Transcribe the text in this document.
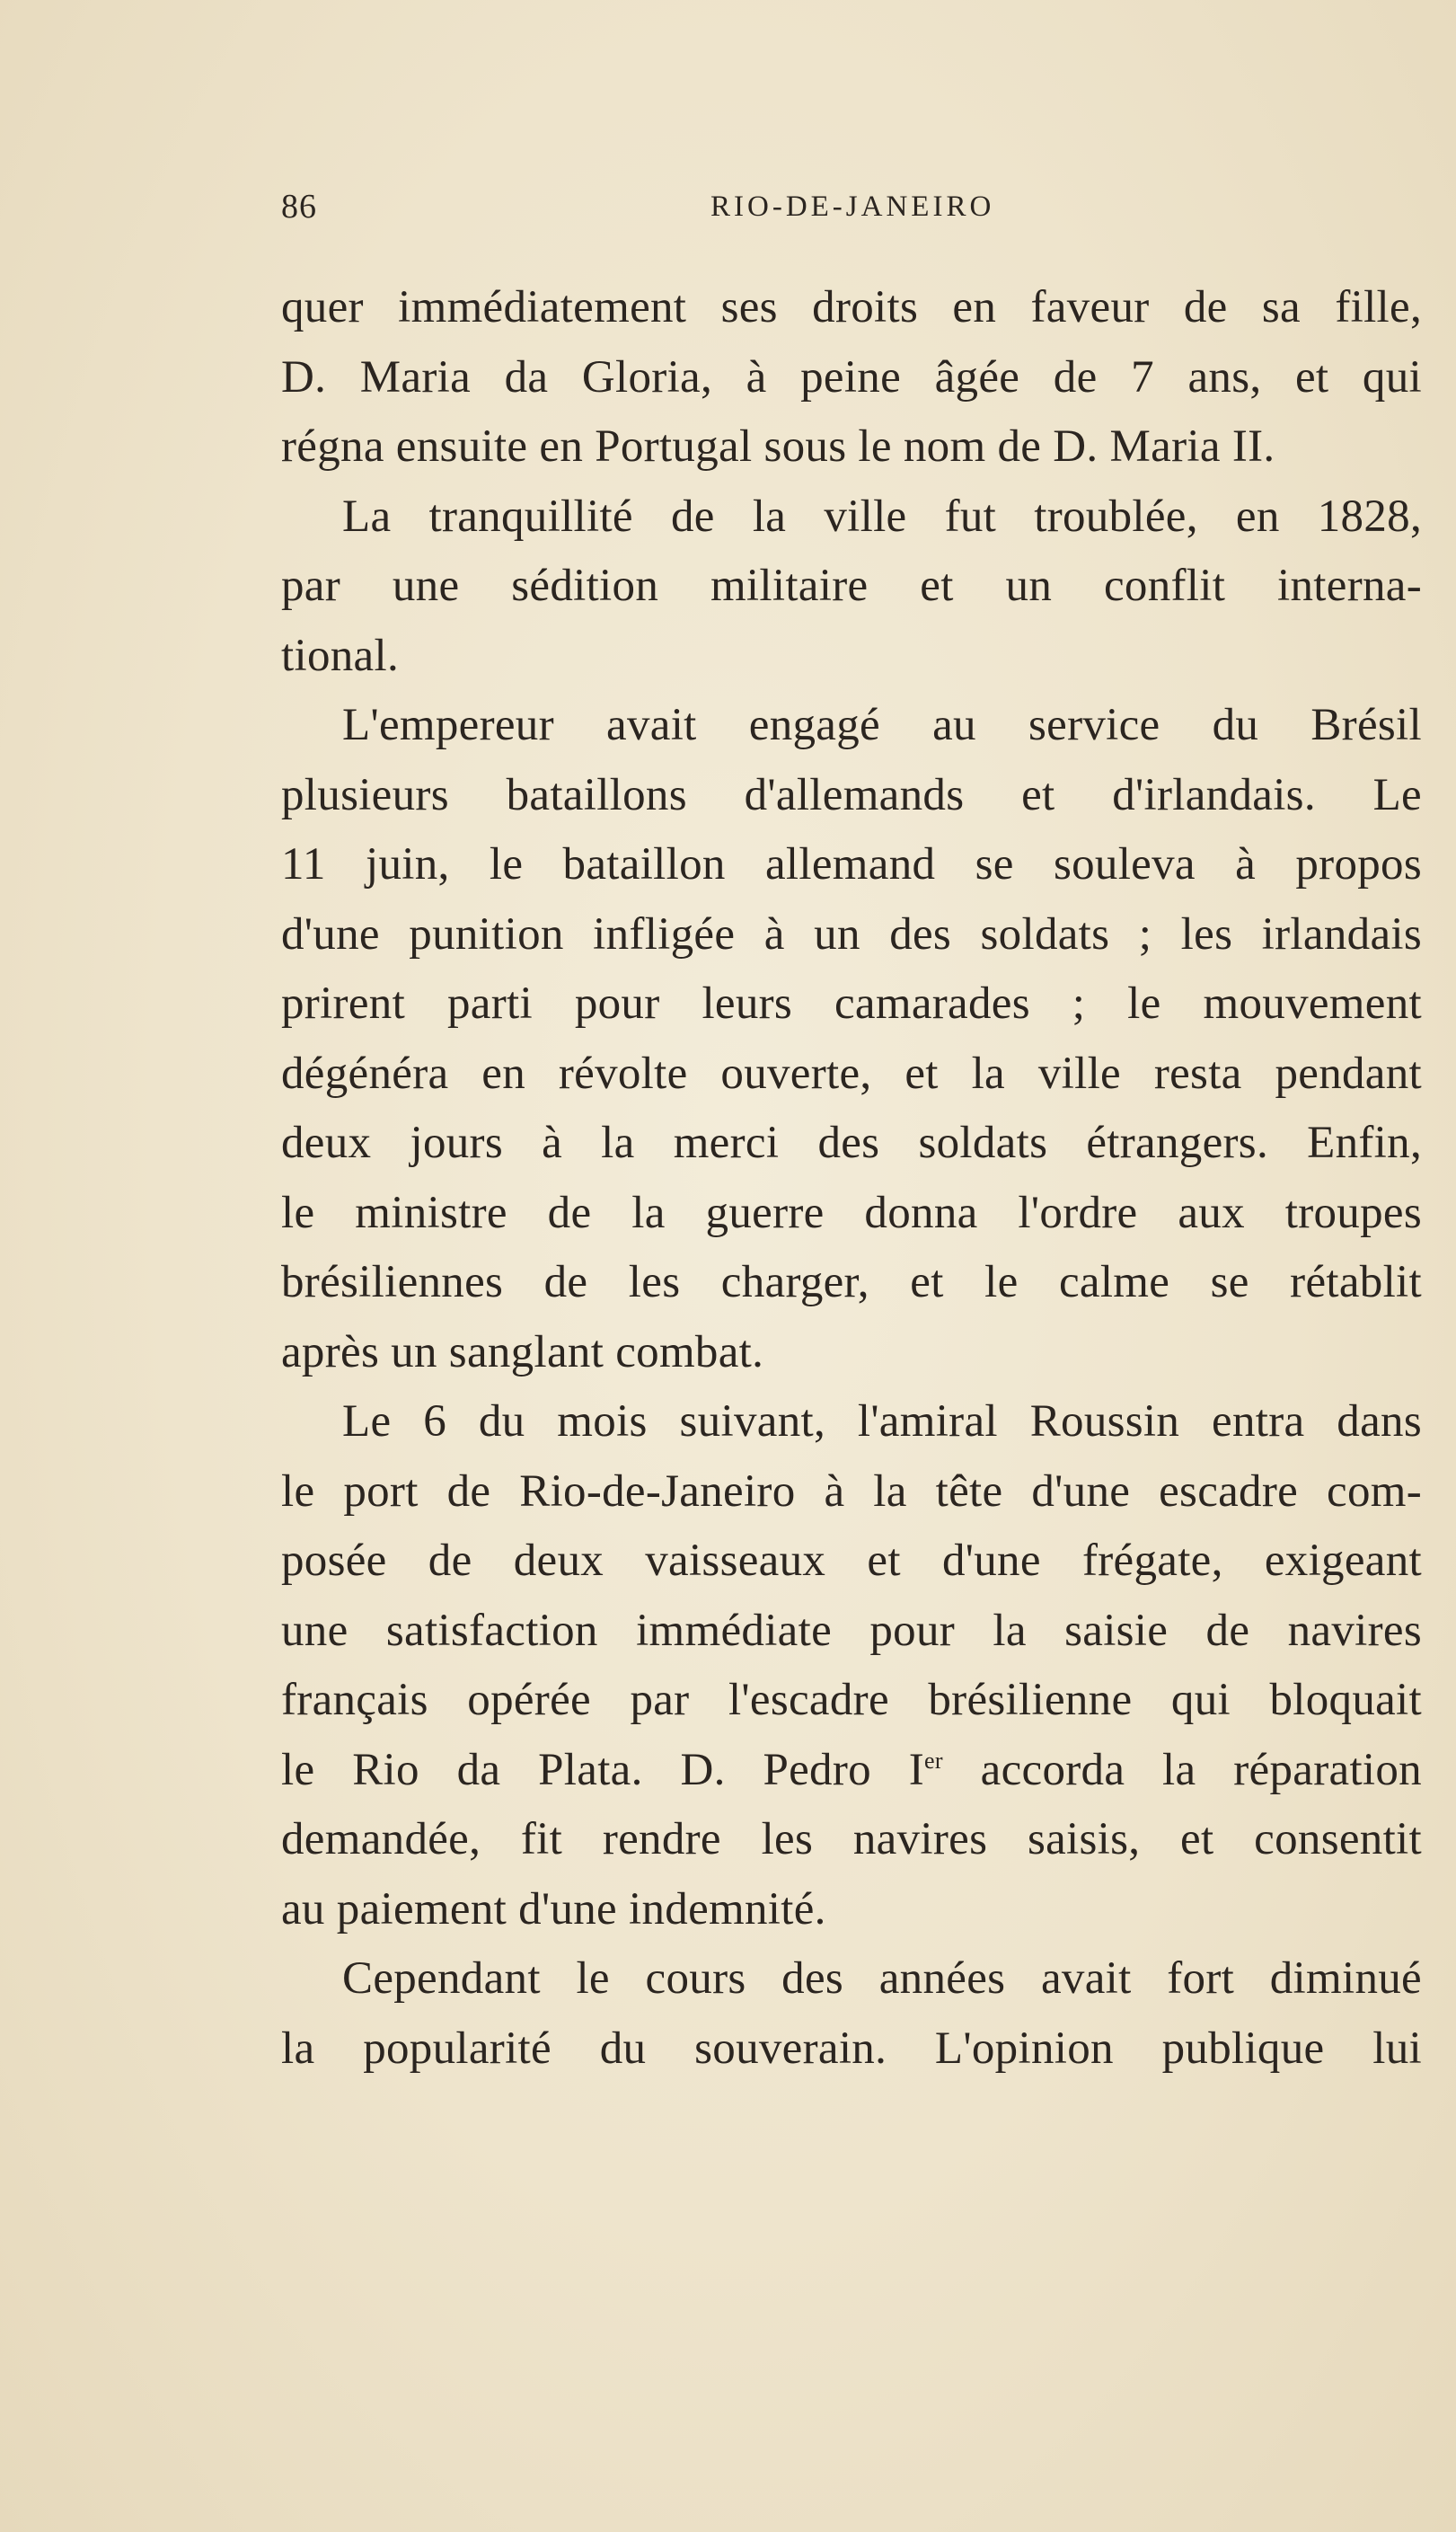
86	RIO-DE-JANEIRO
quer immédiatement ses droits en faveur de sa fille,
D. Maria da Gloria, à peine âgée de 7 ans, et qui
régna ensuite en Portugal sous le nom de D. Maria II.
La tranquillité de la ville fut troublée, en 1828,
par une sédition militaire et un conflit interna-
tional.
L'empereur avait engagé au service du Brésil
plusieurs bataillons d'allemands et d'irlandais. Le
11 juin, le bataillon allemand se souleva à propos
d'une punition infligée à un des soldats ; les irlandais
prirent parti pour leurs camarades ; le mouvement
dégénéra en révolte ouverte, et la ville resta pendant
deux jours à la merci des soldats étrangers. Enfin,
le ministre de la guerre donna l'ordre aux troupes
brésiliennes de les charger, et le calme se rétablit
après un sanglant combat.
Le 6 du mois suivant, l'amiral Roussin entra dans
le port de Rio-de-Janeiro à la tête d'une escadre com-
posée de deux vaisseaux et d'une frégate, exigeant
une satisfaction immédiate pour la saisie de navires
français opérée par l'escadre brésilienne qui bloquait
le Rio da Plata. D. Pedro Ier accorda la réparation
demandée, fit rendre les navires saisis, et consentit
au paiement d'une indemnité.
Cependant le cours des années avait fort diminué
la popularité du souverain. L'opinion publique lui
